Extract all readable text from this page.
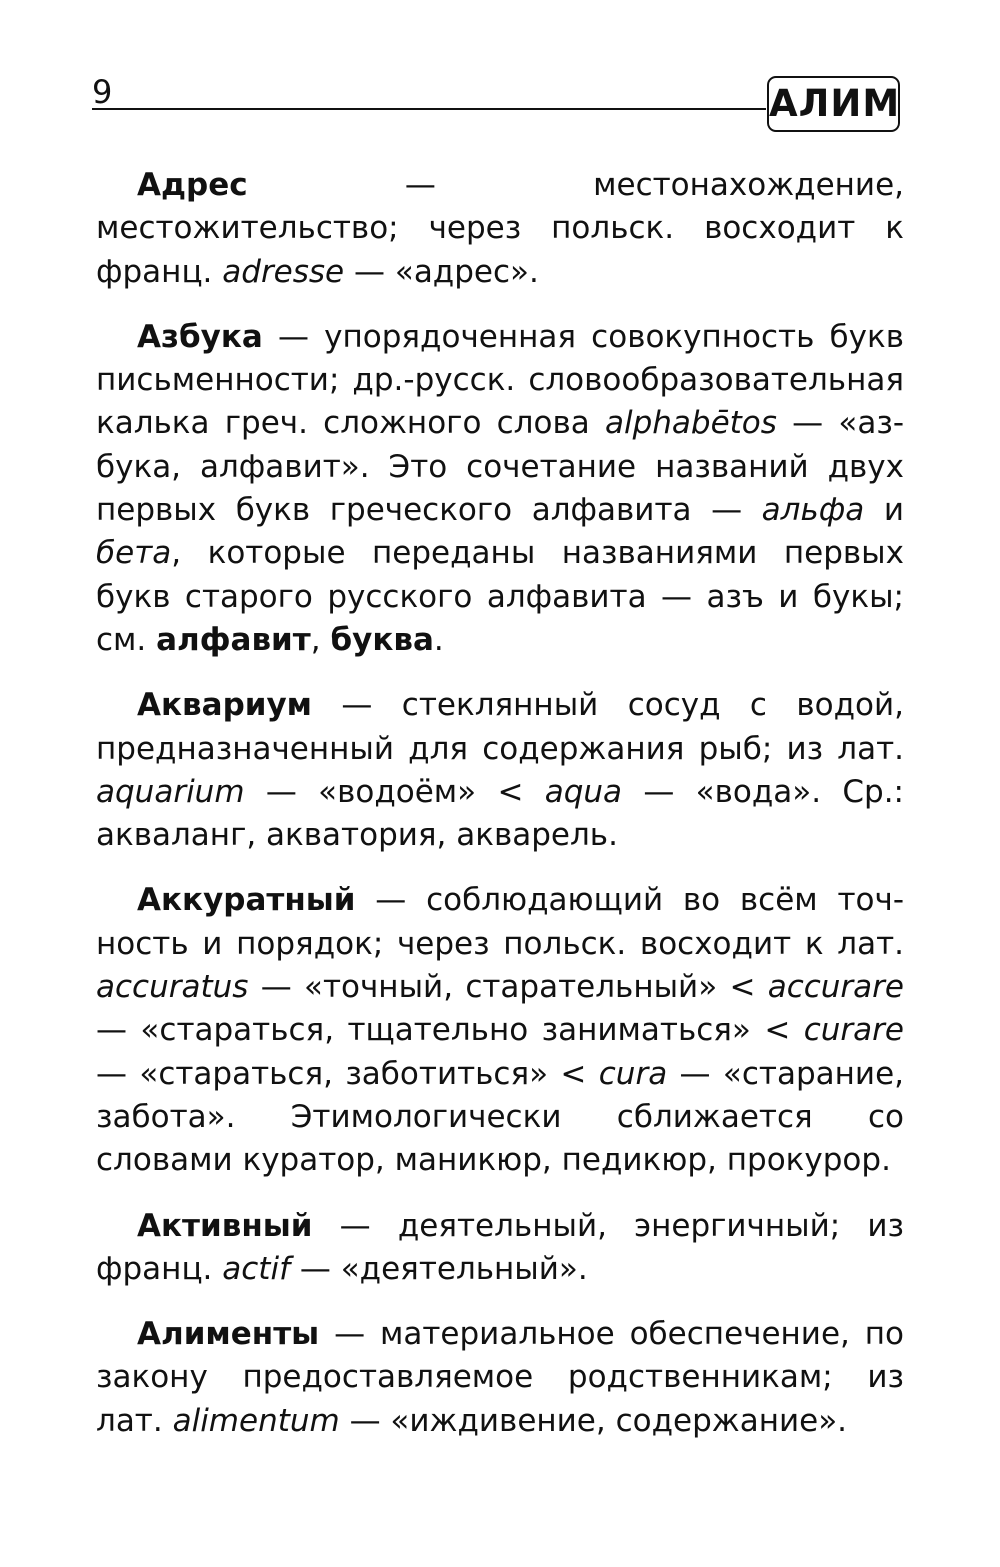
9	АЛИМ

Адрес — местонахождение, местожительство; через польск. восходит к франц. adresse — «адрес».

Азбука — упорядоченная совокупность букв письменности; др.-русск. словообразовательная калька греч. сложного слова alphabētos — «азбука, алфавит». Это сочетание названий двух первых букв греческого алфавита — альфа и бета, которые переданы названиями первых букв старого русского алфавита — азъ и букы; см. алфавит, буква.

Аквариум — стеклянный сосуд с водой, предназначенный для содержания рыб; из лат. aquarium — «водоём» < aqua — «вода». Ср.: акваланг, акватория, акварель.

Аккуратный — соблюдающий во всём точность и порядок; через польск. восходит к лат. accuratus — «точный, старательный» < accurare — «стараться, тщательно заниматься» < curare — «стараться, заботиться» < cura — «старание, забота». Этимологически сближается со словами куратор, маникюр, педикюр, прокурор.

Активный — деятельный, энергичный; из франц. actif — «деятельный».

Алименты — материальное обеспечение, по закону предоставляемое родственникам; из лат. alimentum — «иждивение, содержание».
